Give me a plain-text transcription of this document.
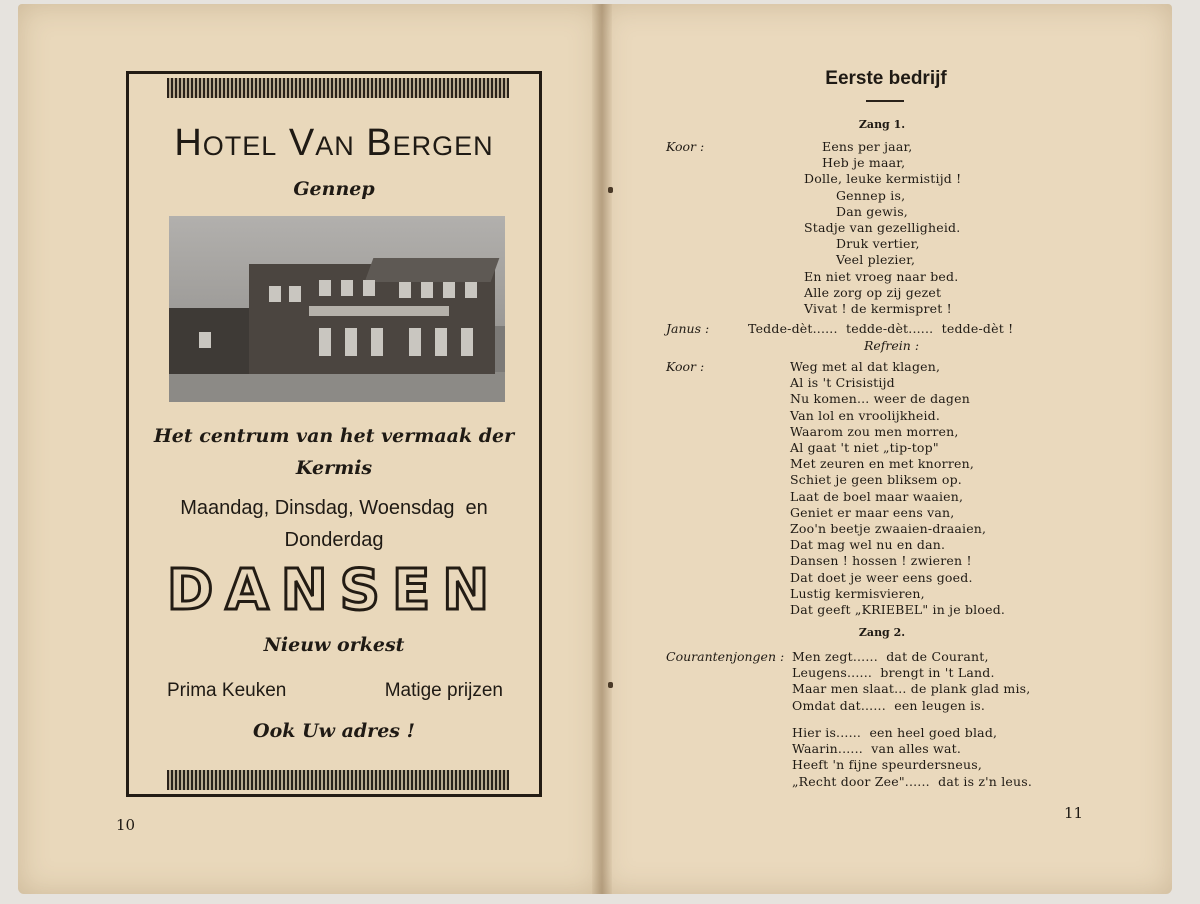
Hotel Van Bergen
Gennep
Het centrum van het vermaak der
Kermis
Maandag, Dinsdag, Woensdag  en
Donderdag
DANSEN
Nieuw orkest
Prima Keuken	Matige prijzen
Ook Uw adres !
10
Eerste bedrijf
Zang 1.
Koor :	Eens per jaar,
Heb je maar,
Dolle, leuke kermistijd !
Gennep is,
Dan gewis,
Stadje van gezelligheid.
Druk vertier,
Veel plezier,
En niet vroeg naar bed.
Alle zorg op zij gezet
Vivat ! de kermispret !
Janus :	Tedde-dèt......  tedde-dèt......  tedde-dèt !
Refrein :
Koor :	Weg met al dat klagen,
Al is 't Crisistijd
Nu komen... weer de dagen
Van lol en vroolijkheid.
Waarom zou men morren,
Al gaat 't niet „tip-top"
Met zeuren en met knorren,
Schiet je geen bliksem op.
Laat de boel maar waaien,
Geniet er maar eens van,
Zoo'n beetje zwaaien-draaien,
Dat mag wel nu en dan.
Dansen ! hossen ! zwieren !
Dat doet je weer eens goed.
Lustig kermisvieren,
Dat geeft „KRIEBEL" in je bloed.
Zang 2.
Courantenjongen : Men zegt......  dat de Courant,
Leugens......  brengt in 't Land.
Maar men slaat... de plank glad mis,
Omdat dat......  een leugen is.
Hier is......  een heel goed blad,
Waarin......  van alles wat.
Heeft 'n fijne speurdersneus,
„Recht door Zee"......  dat is z'n leus.
11
